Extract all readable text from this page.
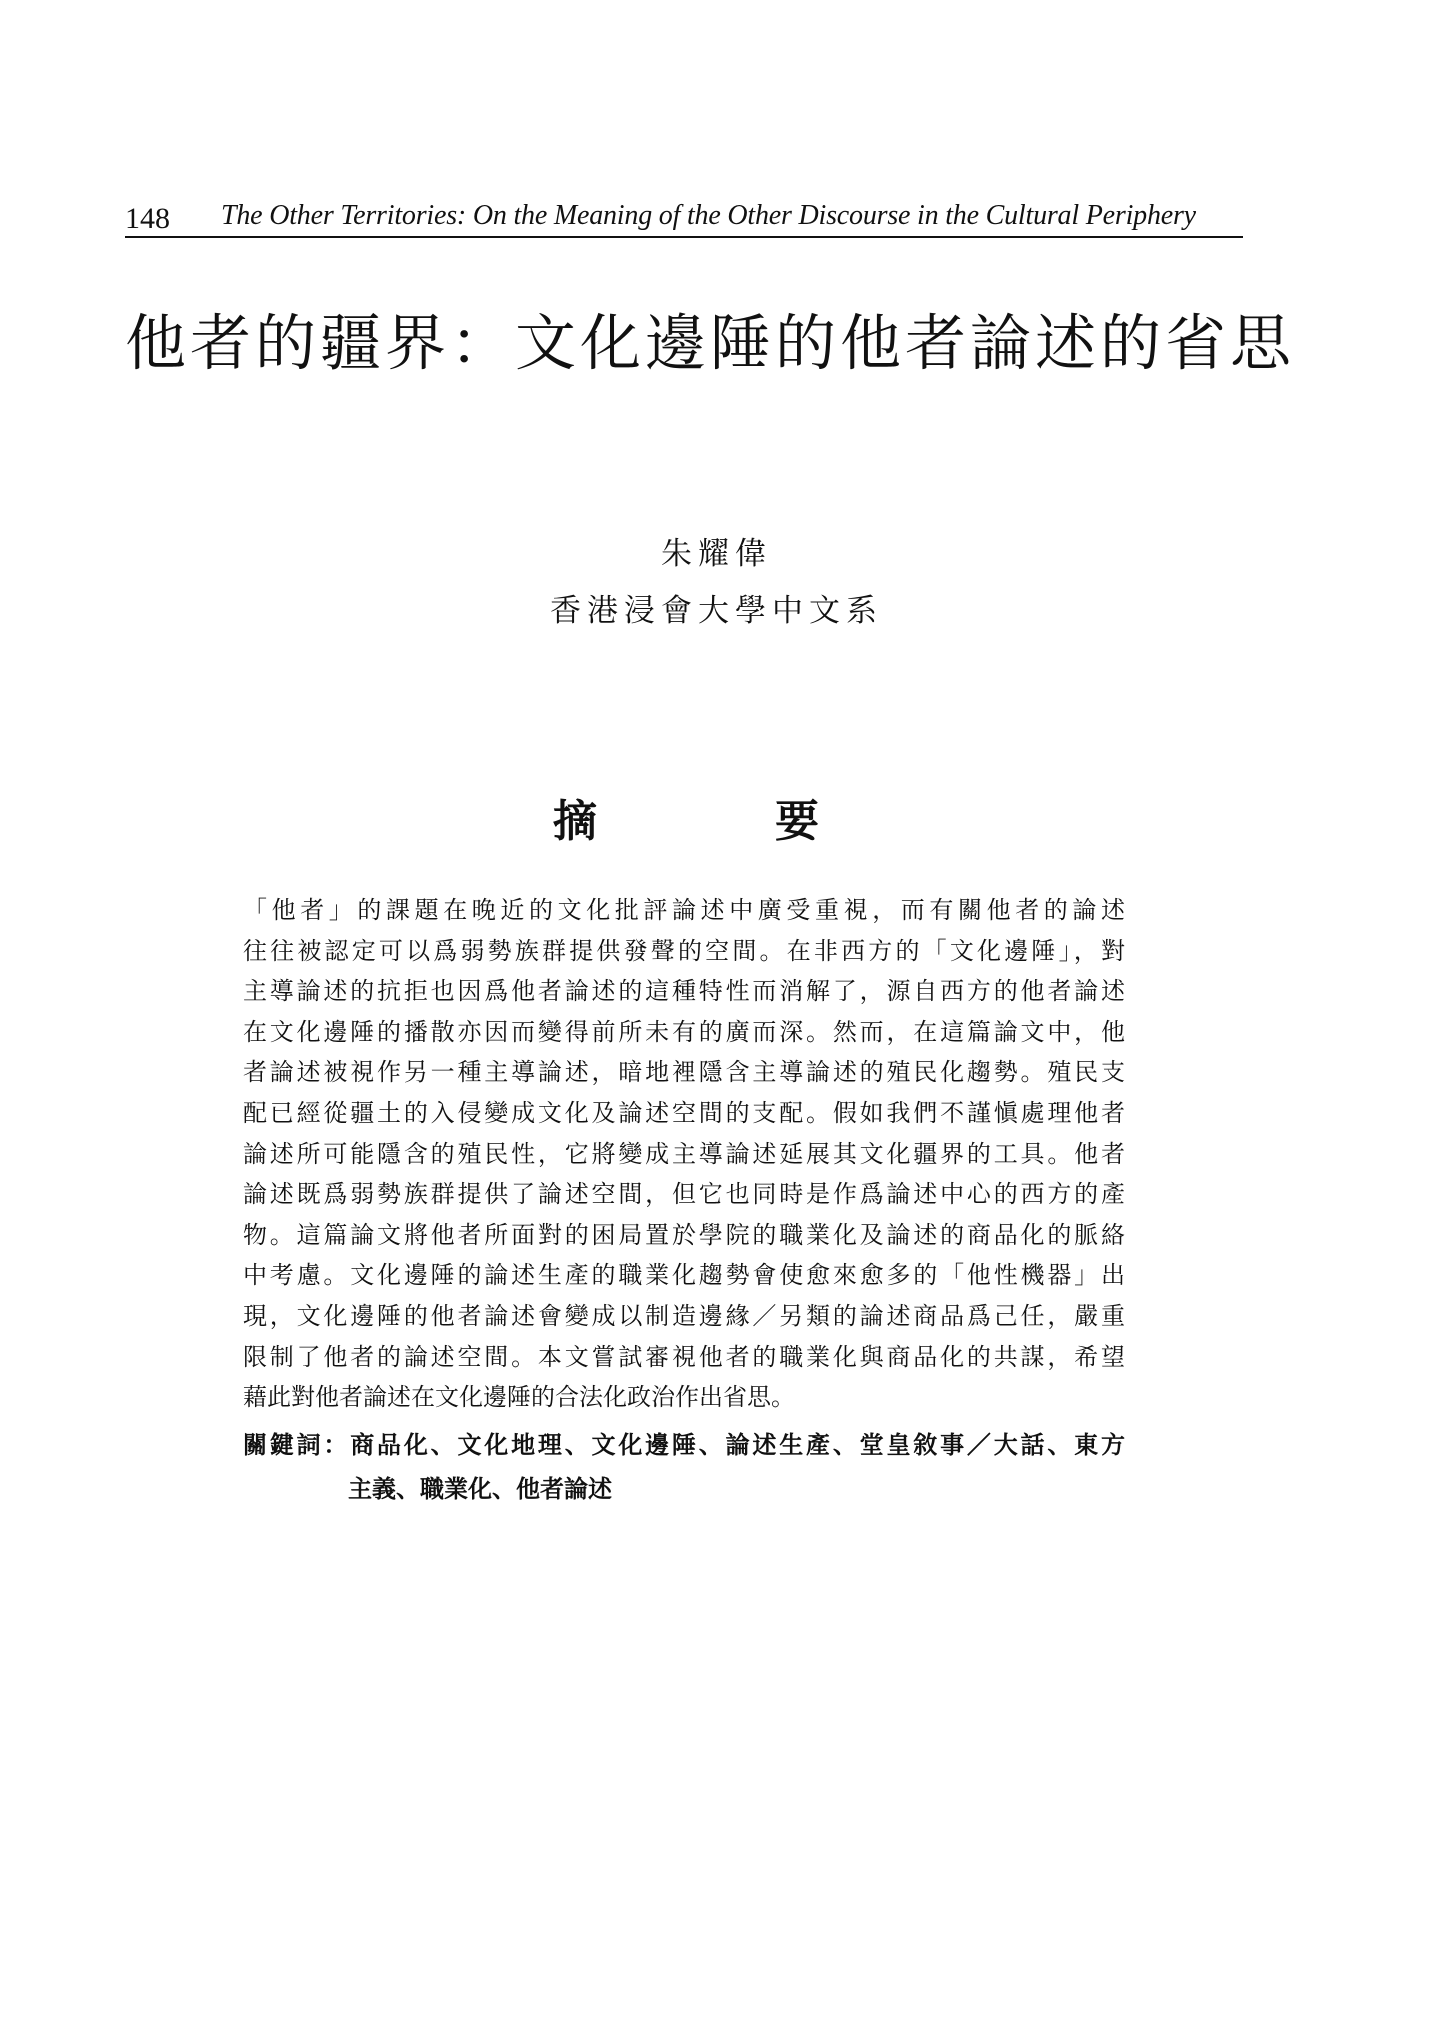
148 The Other Territories: On the Meaning of the Other Discourse in the Cultural Periphery
他者的疆界：文化邊陲的他者論述的省思
朱耀偉
香港浸會大學中文系
摘	要
「他者」的課題在晚近的文化批評論述中廣受重視，而有關他者的論述
往往被認定可以爲弱勢族群提供發聲的空間。在非西方的「文化邊陲」，對
主導論述的抗拒也因爲他者論述的這種特性而消解了，源自西方的他者論述
在文化邊陲的播散亦因而變得前所未有的廣而深。然而，在這篇論文中，他
者論述被視作另一種主導論述，暗地裡隱含主導論述的殖民化趨勢。殖民支
配已經從疆土的入侵變成文化及論述空間的支配。假如我們不謹愼處理他者
論述所可能隱含的殖民性，它將變成主導論述延展其文化疆界的工具。他者
論述既爲弱勢族群提供了論述空間，但它也同時是作爲論述中心的西方的產
物。這篇論文將他者所面對的困局置於學院的職業化及論述的商品化的脈絡
中考慮。文化邊陲的論述生產的職業化趨勢會使愈來愈多的「他性機器」出
現，文化邊陲的他者論述會變成以制造邊緣／另類的論述商品爲己任，嚴重
限制了他者的論述空間。本文嘗試審視他者的職業化與商品化的共謀，希望
藉此對他者論述在文化邊陲的合法化政治作出省思。
關鍵詞：商品化、文化地理、文化邊陲、論述生產、堂皇敘事／大話、東方
主義、職業化、他者論述
